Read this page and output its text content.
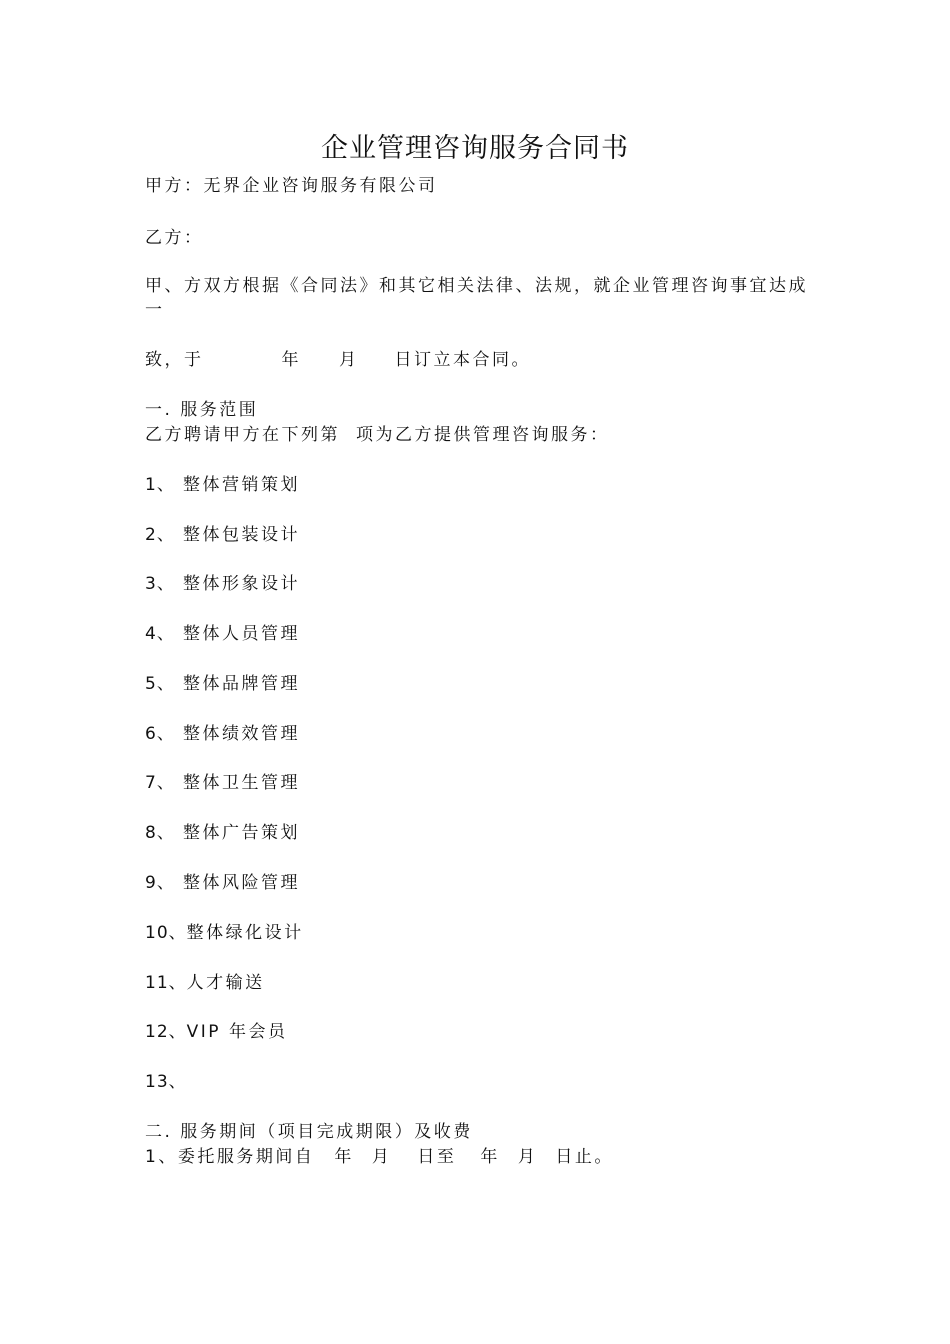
企业管理咨询服务合同书
甲方：无界企业咨询服务有限公司
乙方：
甲、方双方根据《合同法》和其它相关法律、法规，就企业管理咨询事宜达成
一
致，于	年 月 日订立本合同。
一. 服务范围
乙方聘请甲方在下列第 项为乙方提供管理咨询服务：
1、 整体营销策划
2、 整体包装设计
3、 整体形象设计
4、 整体人员管理
5、 整体品牌管理
6、 整体绩效管理
7、 整体卫生管理
8、 整体广告策划
9、 整体风险管理
10、整体绿化设计
11、人才输送
12、VIP 年会员
13、
二. 服务期间（项目完成期限）及收费
1、委托服务期间自 年 月 日至 年 月 日止。
